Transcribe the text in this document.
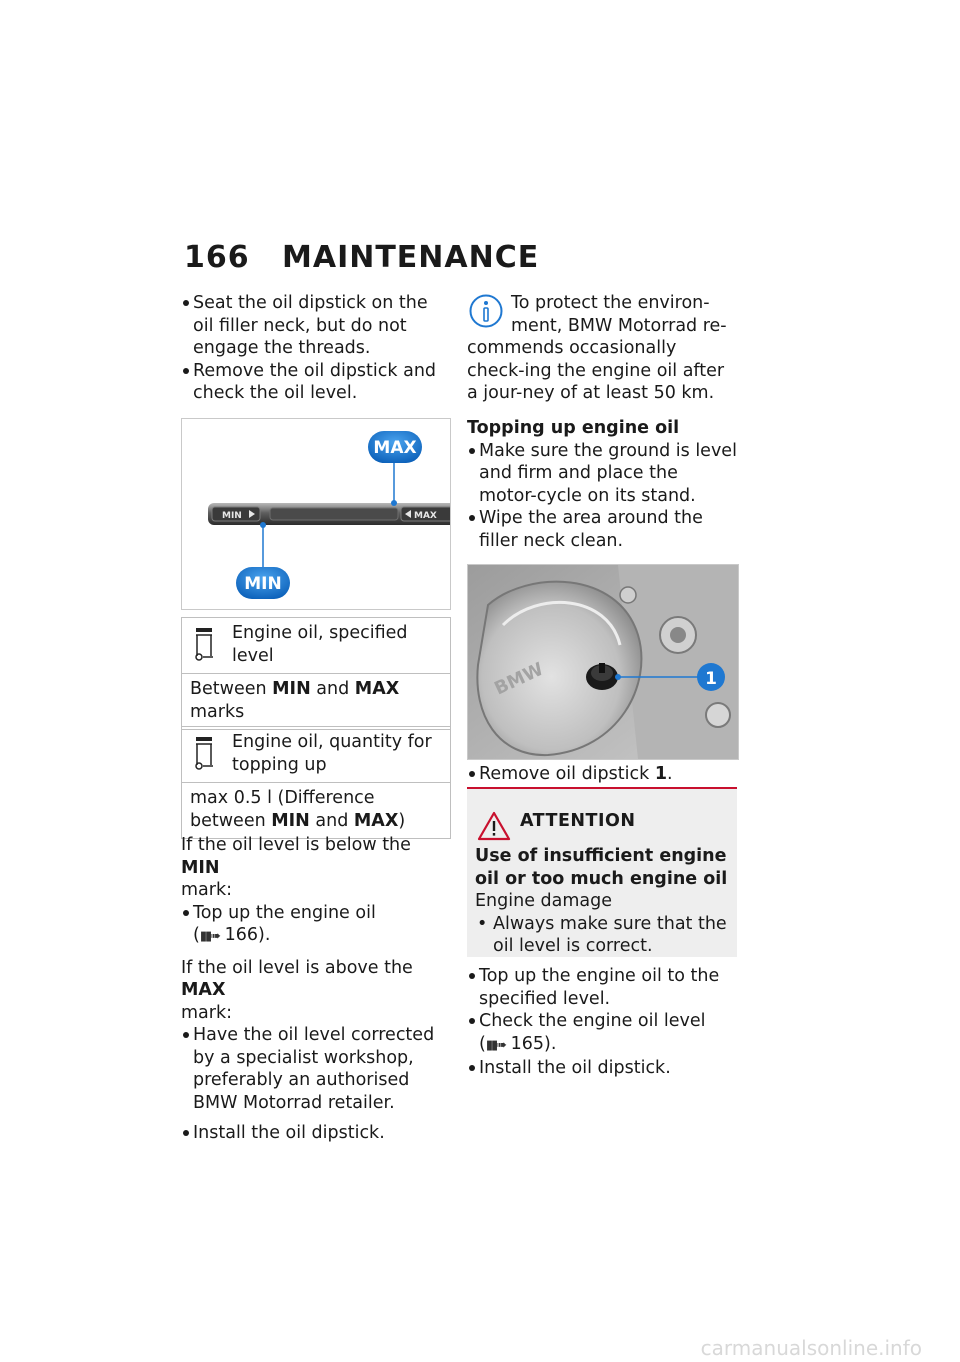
166 MAINTENANCE
Seat the oil dipstick on the oil filler neck, but do not engage the threads.
Remove the oil dipstick and check the oil level.
MIN	MAX
MAX
MIN
Engine oil, specified
level
Between MIN and MAX
marks
Engine oil, quantity for
topping up
max 0.5 l (Difference
between MIN and MAX)
If the oil level is below the MIN
mark:
Top up the engine oil
(▮▮➠ 166).
If the oil level is above the MAX
mark:
Have the oil level corrected by a specialist workshop, preferably an authorised BMW Motorrad retailer.
Install the oil dipstick.
To protect the environ-
ment, BMW Motorrad re-
commends occasionally check-ing the engine oil after a jour-ney of at least 50 km.
Topping up engine oil
Make sure the ground is level and firm and place the motor-cycle on its stand.
Wipe the area around the filler neck clean.
BMW	1
Remove oil dipstick 1.
ATTENTION
Use of insufficient engine oil or too much engine oil
Engine damage
• Always make sure that the oil level is correct.
Top up the engine oil to the specified level.
Check the engine oil level
(▮▮➠ 165).
Install the oil dipstick.
carmanualsonline.info
